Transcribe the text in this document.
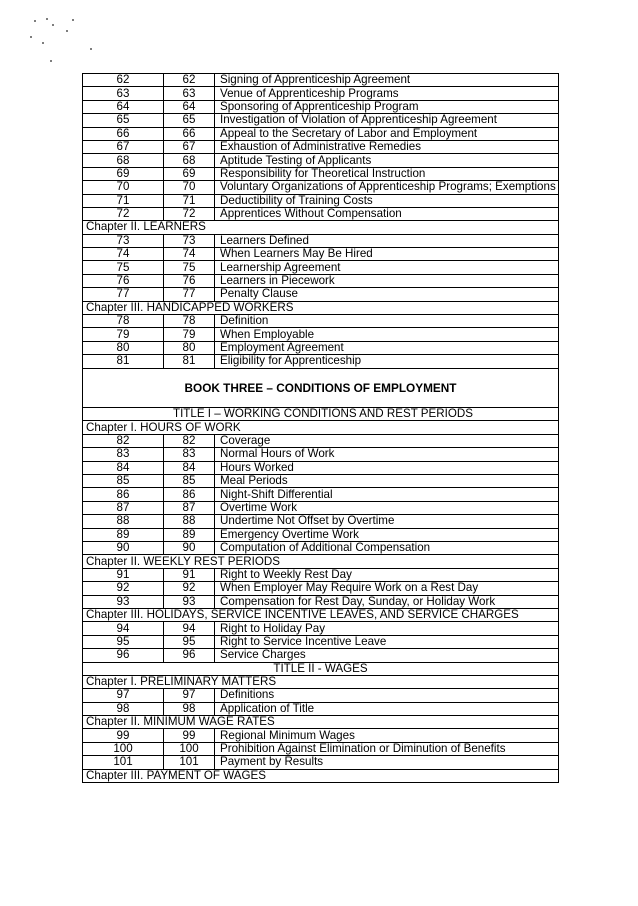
62	62	Signing of Apprenticeship Agreement
63	63	Venue of Apprenticeship Programs
64	64	Sponsoring of Apprenticeship Program
65	65	Investigation of Violation of Apprenticeship Agreement
66	66	Appeal to the Secretary of Labor and Employment
67	67	Exhaustion of Administrative Remedies
68	68	Aptitude Testing of Applicants
69	69	Responsibility for Theoretical Instruction
70	70	Voluntary Organizations of Apprenticeship Programs; Exemptions
71	71	Deductibility of Training Costs
72	72	Apprentices Without Compensation
Chapter II. LEARNERS		
73	73	Learners Defined
74	74	When Learners May Be Hired
75	75	Learnership Agreement
76	76	Learners in Piecework
77	77	Penalty Clause
Chapter III. HANDICAPPED WORKERS		
78	78	Definition
79	79	When Employable
80	80	Employment Agreement
81	81	Eligibility for Apprenticeship
BOOK THREE – CONDITIONS OF EMPLOYMENT		
TITLE I – WORKING CONDITIONS AND REST PERIODS		
Chapter I. HOURS OF WORK		
82	82	Coverage
83	83	Normal Hours of Work
84	84	Hours Worked
85	85	Meal Periods
86	86	Night-Shift Differential
87	87	Overtime Work
88	88	Undertime Not Offset by Overtime
89	89	Emergency Overtime Work
90	90	Computation of Additional Compensation
Chapter II. WEEKLY REST PERIODS		
91	91	Right to Weekly Rest Day
92	92	When Employer May Require Work on a Rest Day
93	93	Compensation for Rest Day, Sunday, or Holiday Work
Chapter III. HOLIDAYS, SERVICE INCENTIVE LEAVES, AND SERVICE CHARGES		
94	94	Right to Holiday Pay
95	95	Right to Service Incentive Leave
96	96	Service Charges
TITLE II - WAGES		
Chapter I. PRELIMINARY MATTERS		
97	97	Definitions
98	98	Application of Title
Chapter II. MINIMUM WAGE RATES		
99	99	Regional Minimum Wages
100	100	Prohibition Against Elimination or Diminution of Benefits
101	101	Payment by Results
Chapter III. PAYMENT OF WAGES		
